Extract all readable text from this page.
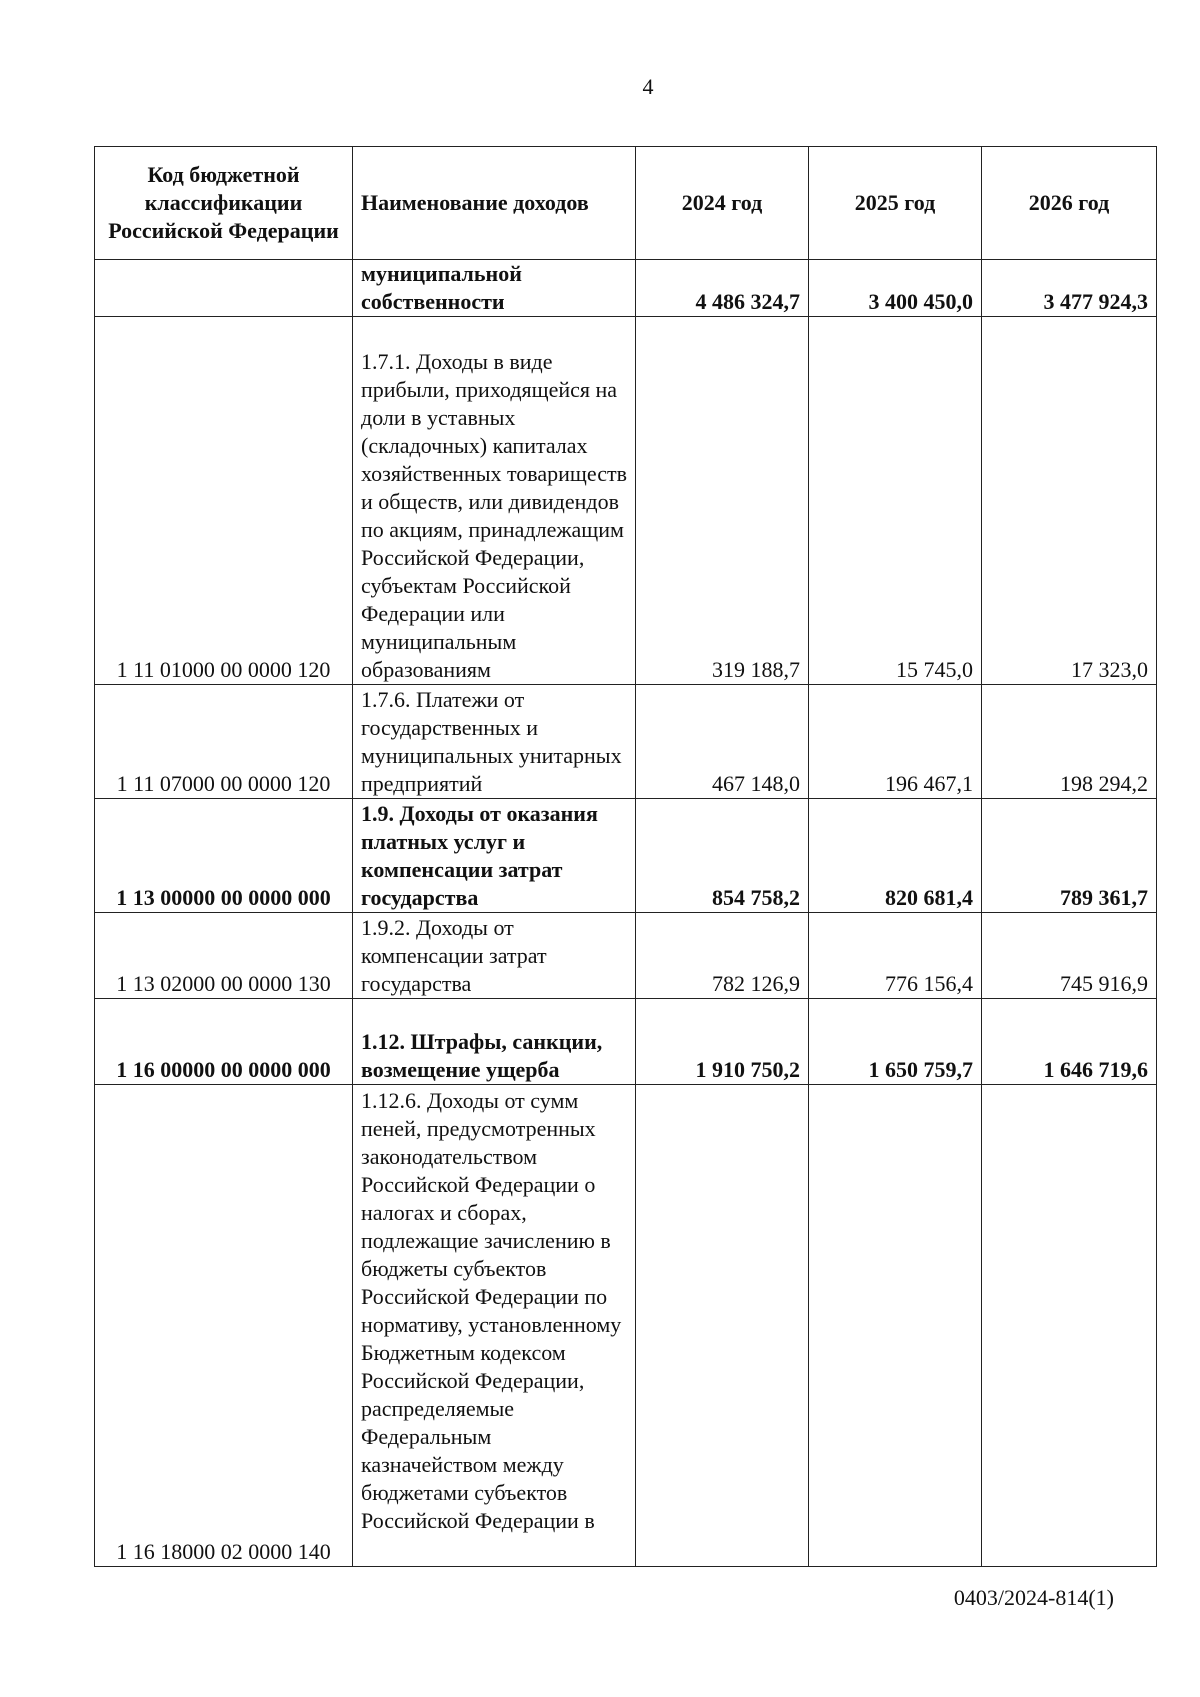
4
Код бюджетной классификации Российской Федерации	Наименование доходов	2024 год	2025 год	2026 год
	муниципальной собственности	4 486 324,7	3 400 450,0	3 477 924,3
1 11 01000 00 0000 120	1.7.1. Доходы в виде прибыли, приходящейся на доли в уставных (складочных) капиталах хозяйственных товариществ и обществ, или дивидендов по акциям, принадлежащим Российской Федерации, субъектам Российской Федерации или муниципальным образованиям	319 188,7	15 745,0	17 323,0
1 11 07000 00 0000 120	1.7.6. Платежи от государственных и муниципальных унитарных предприятий	467 148,0	196 467,1	198 294,2
1 13 00000 00 0000 000	1.9. Доходы от оказания платных услуг и компенсации затрат государства	854 758,2	820 681,4	789 361,7
1 13 02000 00 0000 130	1.9.2. Доходы от компенсации затрат государства	782 126,9	776 156,4	745 916,9
1 16 00000 00 0000 000	1.12. Штрафы, санкции, возмещение ущерба	1 910 750,2	1 650 759,7	1 646 719,6
1 16 18000 02 0000 140	1.12.6. Доходы от сумм пеней, предусмотренных законодательством Российской Федерации о налогах и сборах, подлежащие зачислению в бюджеты субъектов Российской Федерации по нормативу, установленному Бюджетным кодексом Российской Федерации, распределяемые Федеральным казначейством между бюджетами субъектов Российской Федерации в			
0403/2024-814(1)
